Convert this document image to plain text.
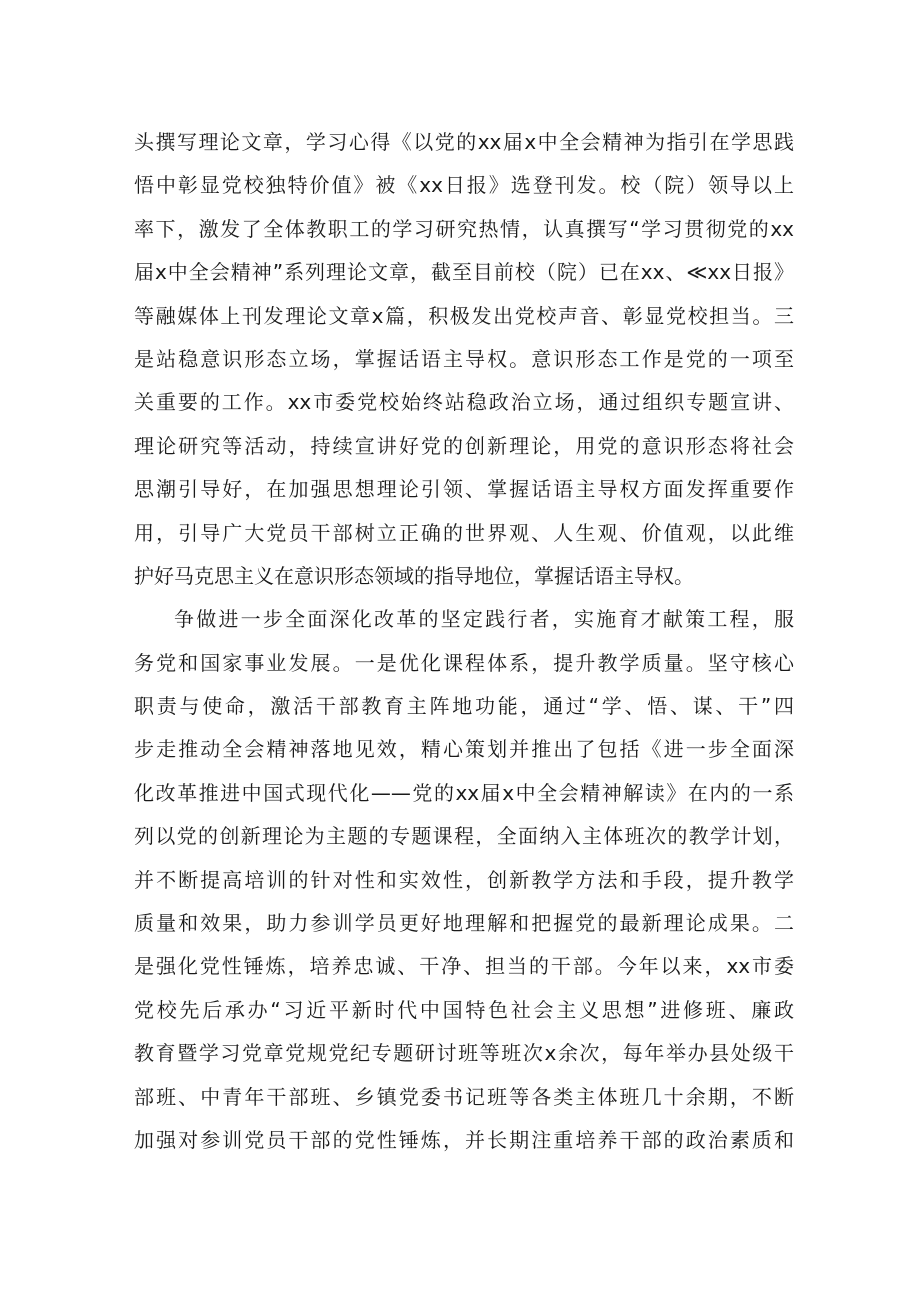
头撰写理论文章，学习心得《以党的xx届x中全会精神为指引在学思践
悟中彰显党校独特价值》被《xx日报》选登刊发。校（院）领导以上
率下，激发了全体教职工的学习研究热情，认真撰写“学习贯彻党的xx
届x中全会精神”系列理论文章，截至目前校（院）已在xx、≪xx日报》
等融媒体上刊发理论文章x篇，积极发出党校声音、彰显党校担当。三
是站稳意识形态立场，掌握话语主导权。意识形态工作是党的一项至
关重要的工作。xx市委党校始终站稳政治立场，通过组织专题宣讲、
理论研究等活动，持续宣讲好党的创新理论，用党的意识形态将社会
思潮引导好，在加强思想理论引领、掌握话语主导权方面发挥重要作
用，引导广大党员干部树立正确的世界观、人生观、价值观，以此维
护好马克思主义在意识形态领域的指导地位，掌握话语主导权。
争做进一步全面深化改革的坚定践行者，实施育才献策工程，服
务党和国家事业发展。一是优化课程体系，提升教学质量。坚守核心
职责与使命，激活干部教育主阵地功能，通过“学、悟、谋、干”四
步走推动全会精神落地见效，精心策划并推出了包括《进一步全面深
化改革推进中国式现代化——党的xx届x中全会精神解读》在内的一系
列以党的创新理论为主题的专题课程，全面纳入主体班次的教学计划，
并不断提高培训的针对性和实效性，创新教学方法和手段，提升教学
质量和效果，助力参训学员更好地理解和把握党的最新理论成果。二
是强化党性锤炼，培养忠诚、干净、担当的干部。今年以来，xx市委
党校先后承办“习近平新时代中国特色社会主义思想”进修班、廉政
教育暨学习党章党规党纪专题研讨班等班次x余次，每年举办县处级干
部班、中青年干部班、乡镇党委书记班等各类主体班几十余期，不断
加强对参训党员干部的党性锤炼，并长期注重培养干部的政治素质和
